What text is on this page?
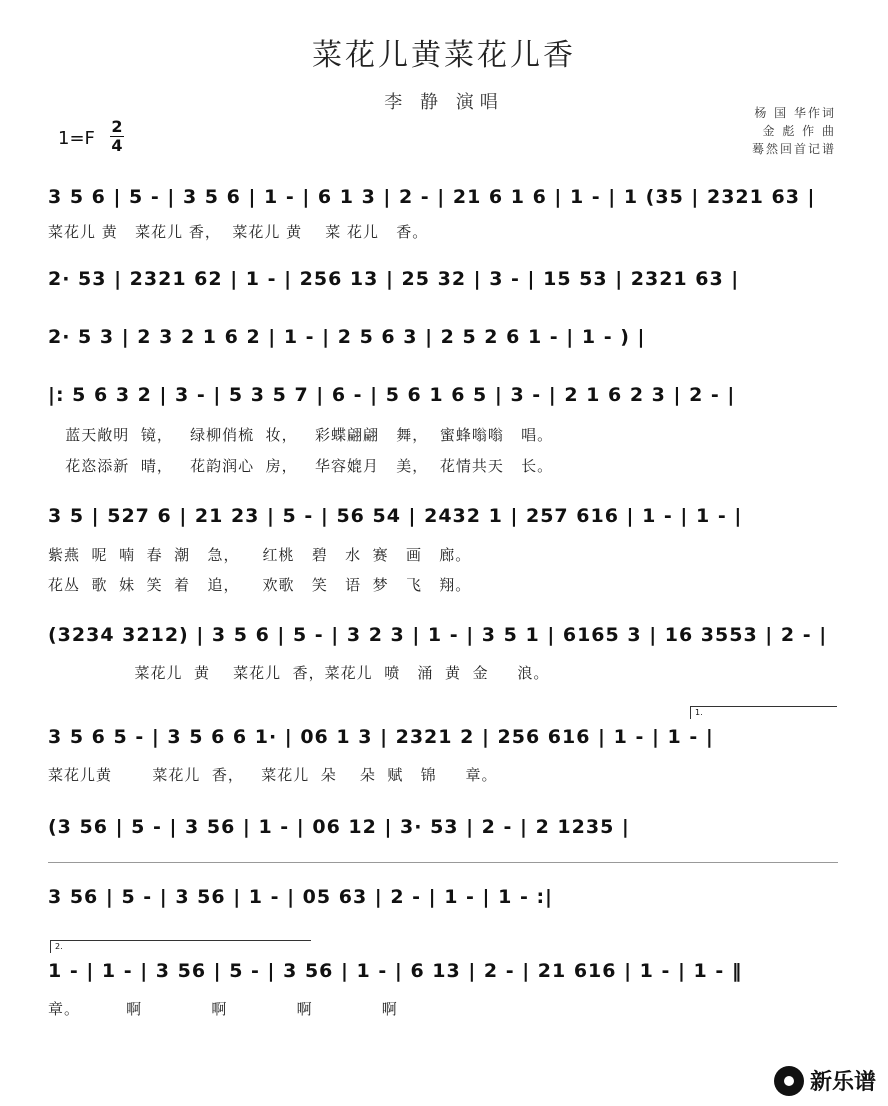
菜花儿黄菜花儿香
李 静 演唱	杨 国 华作词
金 彪 作 曲
蓦然回首记谱
1=F
2
4
3 5 6 | 5 - | 3 5 6 | 1 - | 6 1 3 | 2 - | 21 6 1 6 | 1 - | 1 (35 | 2321 63 |
菜花儿 黄   菜花儿 香，  菜花儿 黄    菜 花儿   香。
2· 53 | 2321 62 | 1 - | 256 13 | 25 32 | 3 - | 15 53 | 2321 63 |
2· 5 3 | 2 3 2 1 6 2 | 1 - | 2 5 6 3 | 2 5 2 6 1 - | 1 - ) |
|: 5 6 3 2 | 3 - | 5 3 5 7 | 6 - | 5 6 1 6 5 | 3 - | 2 1 6 2 3 | 2 - |
蓝天敞明  镜，   绿柳俏梳  妆，   彩蝶翩翩   舞，  蜜蜂嗡嗡   唱。
花恣添新  晴，   花韵润心  房，   华容媲月   美，  花情共天   长。
3 5 | 527 6 | 21 23 | 5 - | 56 54 | 2432 1 | 257 616 | 1 - | 1 - |
紫燕  呢  喃  春  潮   急，    红桃   碧   水  赛   画   廊。
花丛  歌  妹  笑  着   追，    欢歌   笑   语  梦   飞   翔。
(3234 3212) | 3 5 6 | 5 - | 3 2 3 | 1 - | 3 5 1 | 6165 3 | 16 3553 | 2 - |
菜花儿  黄    菜花儿  香，菜花儿  喷   涌  黄  金     浪。
1.
3 5 6 5 - | 3 5 6 6 1· | 06 1 3 | 2321 2 | 256 616 | 1 - | 1 - |
菜花儿黄       菜花儿  香，   菜花儿  朵    朵  赋   锦     章。
(3 56 | 5 - | 3 56 | 1 - | 06 12 | 3· 53 | 2 - | 2 1235 |
3 56 | 5 - | 3 56 | 1 - | 05 63 | 2 - | 1 - | 1 - :|
2.
1 - | 1 - | 3 56 | 5 - | 3 56 | 1 - | 6 13 | 2 - | 21 616 | 1 - | 1 - ‖
章。        啊            啊            啊            啊
新乐谱
